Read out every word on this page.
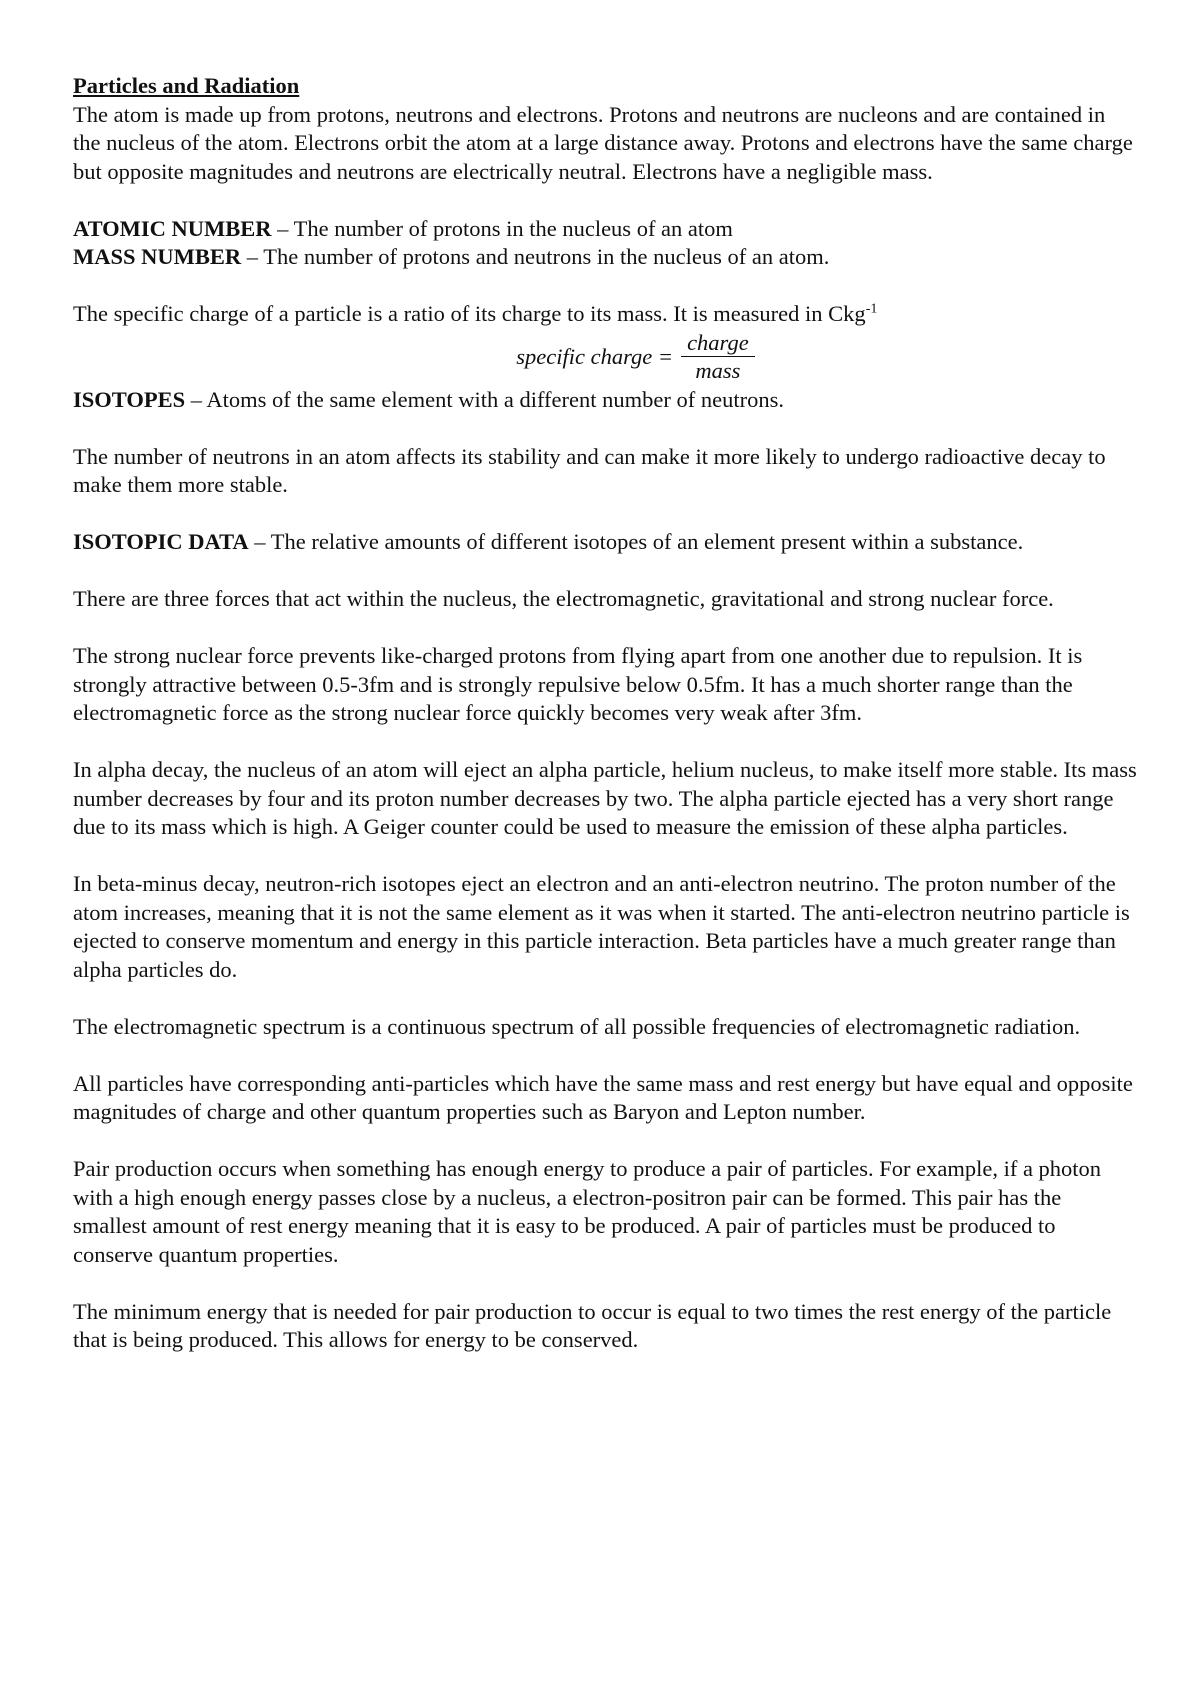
Particles and Radiation

The atom is made up from protons, neutrons and electrons. Protons and neutrons are nucleons and are contained in the nucleus of the atom. Electrons orbit the atom at a large distance away. Protons and electrons have the same charge but opposite magnitudes and neutrons are electrically neutral. Electrons have a negligible mass.

ATOMIC NUMBER – The number of protons in the nucleus of an atom

MASS NUMBER – The number of protons and neutrons in the nucleus of an atom.

The specific charge of a particle is a ratio of its charge to its mass. It is measured in Ckg$^{-1}$

specific charge = $\frac{\text{charge}}{\text{mass}}$

ISOTOPES – Atoms of the same element with a different number of neutrons.

The number of neutrons in an atom affects its stability and can make it more likely to undergo radioactive decay to make them more stable.

ISOTOPIC DATA – The relative amounts of different isotopes of an element present within a substance.

There are three forces that act within the nucleus, the electromagnetic, gravitational and strong nuclear force.

The strong nuclear force prevents like-charged protons from flying apart from one another due to repulsion. It is strongly attractive between 0.5-3fm and is strongly repulsive below 0.5fm. It has a much shorter range than the electromagnetic force as the strong nuclear force quickly becomes very weak after 3fm.

In alpha decay, the nucleus of an atom will eject an alpha particle, helium nucleus, to make itself more stable. Its mass number decreases by four and its proton number decreases by two. The alpha particle ejected has a very short range due to its mass which is high. A Geiger counter could be used to measure the emission of these alpha particles.

In beta-minus decay, neutron-rich isotopes eject an electron and an anti-electron neutrino. The proton number of the atom increases, meaning that it is not the same element as it was when it started. The anti-electron neutrino particle is ejected to conserve momentum and energy in this particle interaction. Beta particles have a much greater range than alpha particles do.

The electromagnetic spectrum is a continuous spectrum of all possible frequencies of electromagnetic radiation.

All particles have corresponding anti-particles which have the same mass and rest energy but have equal and opposite magnitudes of charge and other quantum properties such as Baryon and Lepton number.

Pair production occurs when something has enough energy to produce a pair of particles. For example, if a photon with a high enough energy passes close by a nucleus, a electron-positron pair can be formed. This pair has the smallest amount of rest energy meaning that it is easy to be produced. A pair of particles must be produced to conserve quantum properties.

The minimum energy that is needed for pair production to occur is equal to two times the rest energy of the particle that is being produced. This allows for energy to be conserved.
